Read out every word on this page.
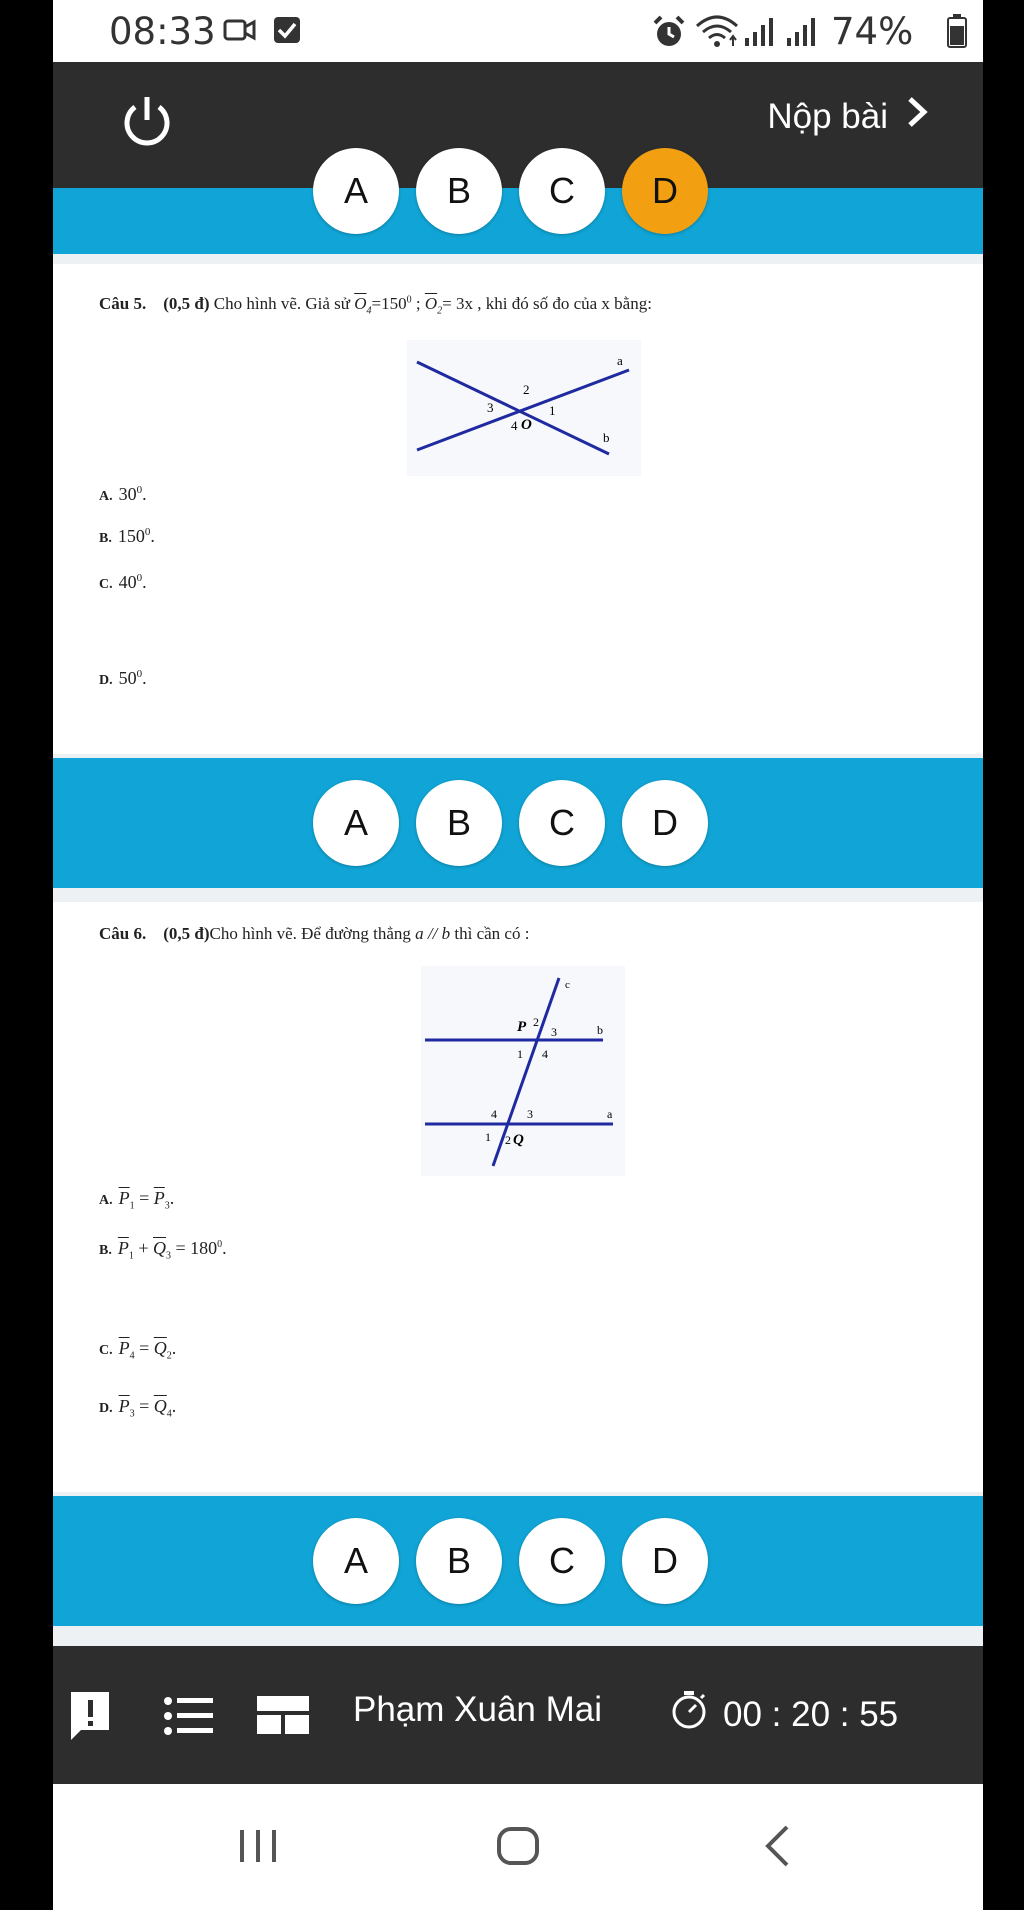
08:33	74%
Nộp bài
A	B	C	D
Câu 5. (0,5 đ) Cho hình vẽ. Giả sử $\overline{O}_4=150^0$ ; $\overline{O}_2= 3x$ , khi đó số đo của x bằng:
a
b
2
3	1
4 O
A. $30^0$.
B. $150^0$.
C. $40^0$.
D. $50^0$.
A	B	C	D
Câu 6. (0,5 đ)Cho hình vẽ. Để đường thẳng a // b thì cần có :
c
b
a
P 2
3
1 4
4	3
1 2 Q
A. $\overline{P}_1 = \overline{P}_3$.
B. $\overline{P}_1 + \overline{Q}_3 = 180^0$.
C. $\overline{P}_4 = \overline{Q}_2$.
D. $\overline{P}_3 = \overline{Q}_4$.
A	B	C	D
Phạm Xuân Mai	00 : 20 : 55
